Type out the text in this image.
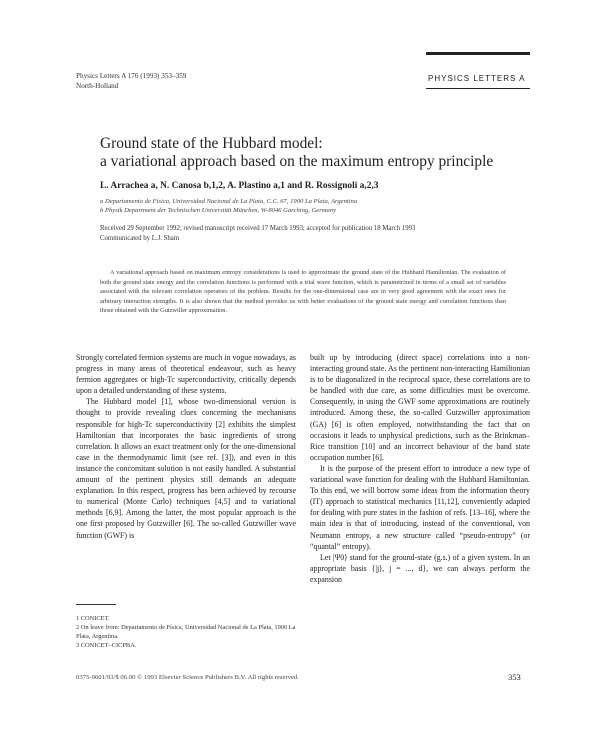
Physics Letters A 176 (1993) 353–359
North-Holland
PHYSICS LETTERS A
Ground state of the Hubbard model:
a variational approach based on the maximum entropy principle
L. Arrachea a, N. Canosa b,1,2, A. Plastino a,1 and R. Rossignoli a,2,3
a Departamento de Física, Universidad Nacional de La Plata, C.C. 67, 1900 La Plata, Argentina
b Physik Department der Technischen Universität München, W-8046 Garching, Germany
Received 29 September 1992; revised manuscript received 17 March 1993; accepted for publication 18 March 1993
Communicated by L.J. Sham
A variational approach based on maximum entropy considerations is used to approximate the ground state of the Hubbard Hamiltonian. The evaluation of both the ground state energy and the correlation functions is performed with a trial wave function, which is parametrized in terms of a small set of variables associated with the relevant correlation operators of the problem. Results for the one-dimensional case are in very good agreement with the exact ones for arbitrary interaction strengths. It is also shown that the method provides us with better evaluations of the ground state energy and correlation functions than those obtained with the Gutzwiller approximation.

Strongly correlated fermion systems are much in vogue nowadays, as progress in many areas of theoretical endeavour, such as heavy fermion aggregates or high-Tc superconductivity, critically depends upon a detailed understanding of these systems.

The Hubbard model [1], whose two-dimensional version is thought to provide revealing clues concerning the mechanisms responsible for high-Tc superconductivity [2] exhibits the simplest Hamiltonian that incorporates the basic ingredients of strong correlation. It allows an exact treatment only for the one-dimensional case in the thermodynamic limit (see ref. [3]), and even in this instance the concomitant solution is not easily handled. A substantial amount of the pertinent physics still demands an adequate explanation. In this respect, progress has been achieved by recourse to numerical (Monte Carlo) techniques [4,5] and to variational methods [6,9]. Among the latter, the most popular approach is the one first proposed by Gutzwiller [6]. The so-called Gutzwiller wave function (GWF) is

built up by introducing (direct space) correlations into a non-interacting ground state. As the pertinent non-interacting Hamiltonian is to be diagonalized in the reciprocal space, these correlations are to be handled with due care, as some difficulties must be overcome. Consequently, in using the GWF some approximations are routinely introduced. Among these, the so-called Gutzwiller approximation (GA) [6] is often employed, notwithstanding the fact that on occasions it leads to unphysical predictions, such as the Brinkman–Rice transition [10] and an incorrect behaviour of the band state occupation number [6].

It is the purpose of the present effort to introduce a new type of variational wave function for dealing with the Hubbard Hamiltonian. To this end, we will borrow some ideas from the information theory (IT) approach to statistical mechanics [11,12], conveniently adapted for dealing with pure states in the fashion of refs. [13–16], where the main idea is that of introducing, instead of the conventional, von Neumann entropy, a new structure called “pseudo-entropy” (or “quantal” entropy).

Let |Ψ0⟩ stand for the ground-state (g.s.) of a given system. In an appropriate basis {|j⟩, j = ..., d}, we can always perform the expansion

1 CONICET.
2 On leave from: Departamento de Física, Universidad Nacional de La Plata, 1900 La Plata, Argentina.
3 CONICET–CICPBA.
0375-9601/93/$ 06.00 © 1993 Elsevier Science Publishers B.V. All rights reserved.	353
